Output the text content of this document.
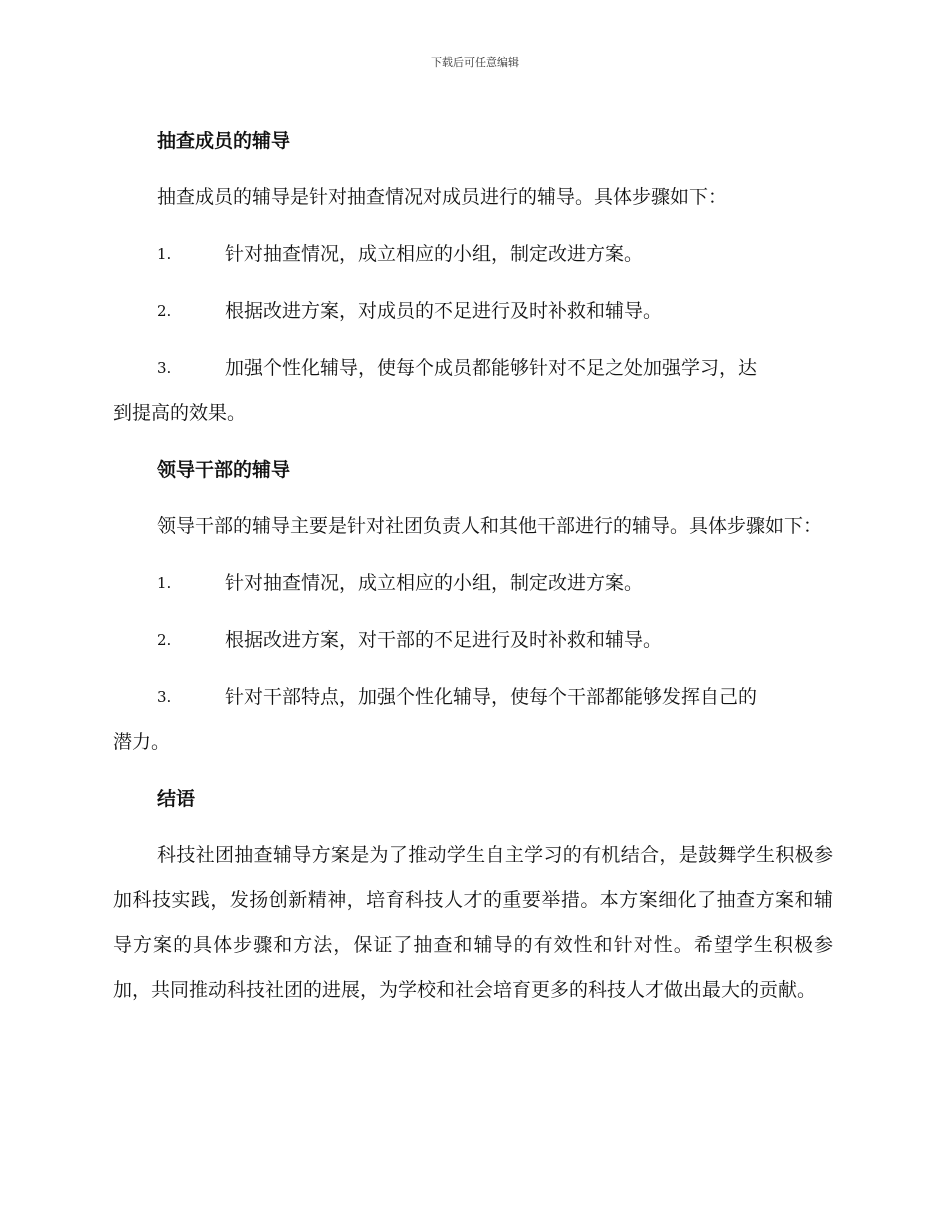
下载后可任意编辑
抽查成员的辅导
抽查成员的辅导是针对抽查情况对成员进行的辅导。具体步骤如下：
1.	针对抽查情况，成立相应的小组，制定改进方案。
2.	根据改进方案，对成员的不足进行及时补救和辅导。
3.	加强个性化辅导，使每个成员都能够针对不足之处加强学习，达
到提高的效果。
领导干部的辅导
领导干部的辅导主要是针对社团负责人和其他干部进行的辅导。具体步骤如下：
1.	针对抽查情况，成立相应的小组，制定改进方案。
2.	根据改进方案，对干部的不足进行及时补救和辅导。
3.	针对干部特点，加强个性化辅导，使每个干部都能够发挥自己的
潜力。
结语
科技社团抽查辅导方案是为了推动学生自主学习的有机结合，是鼓舞学生积极参加科技实践，发扬创新精神，培育科技人才的重要举措。本方案细化了抽查方案和辅导方案的具体步骤和方法，保证了抽查和辅导的有效性和针对性。希望学生积极参加，共同推动科技社团的进展，为学校和社会培育更多的科技人才做出最大的贡献。
